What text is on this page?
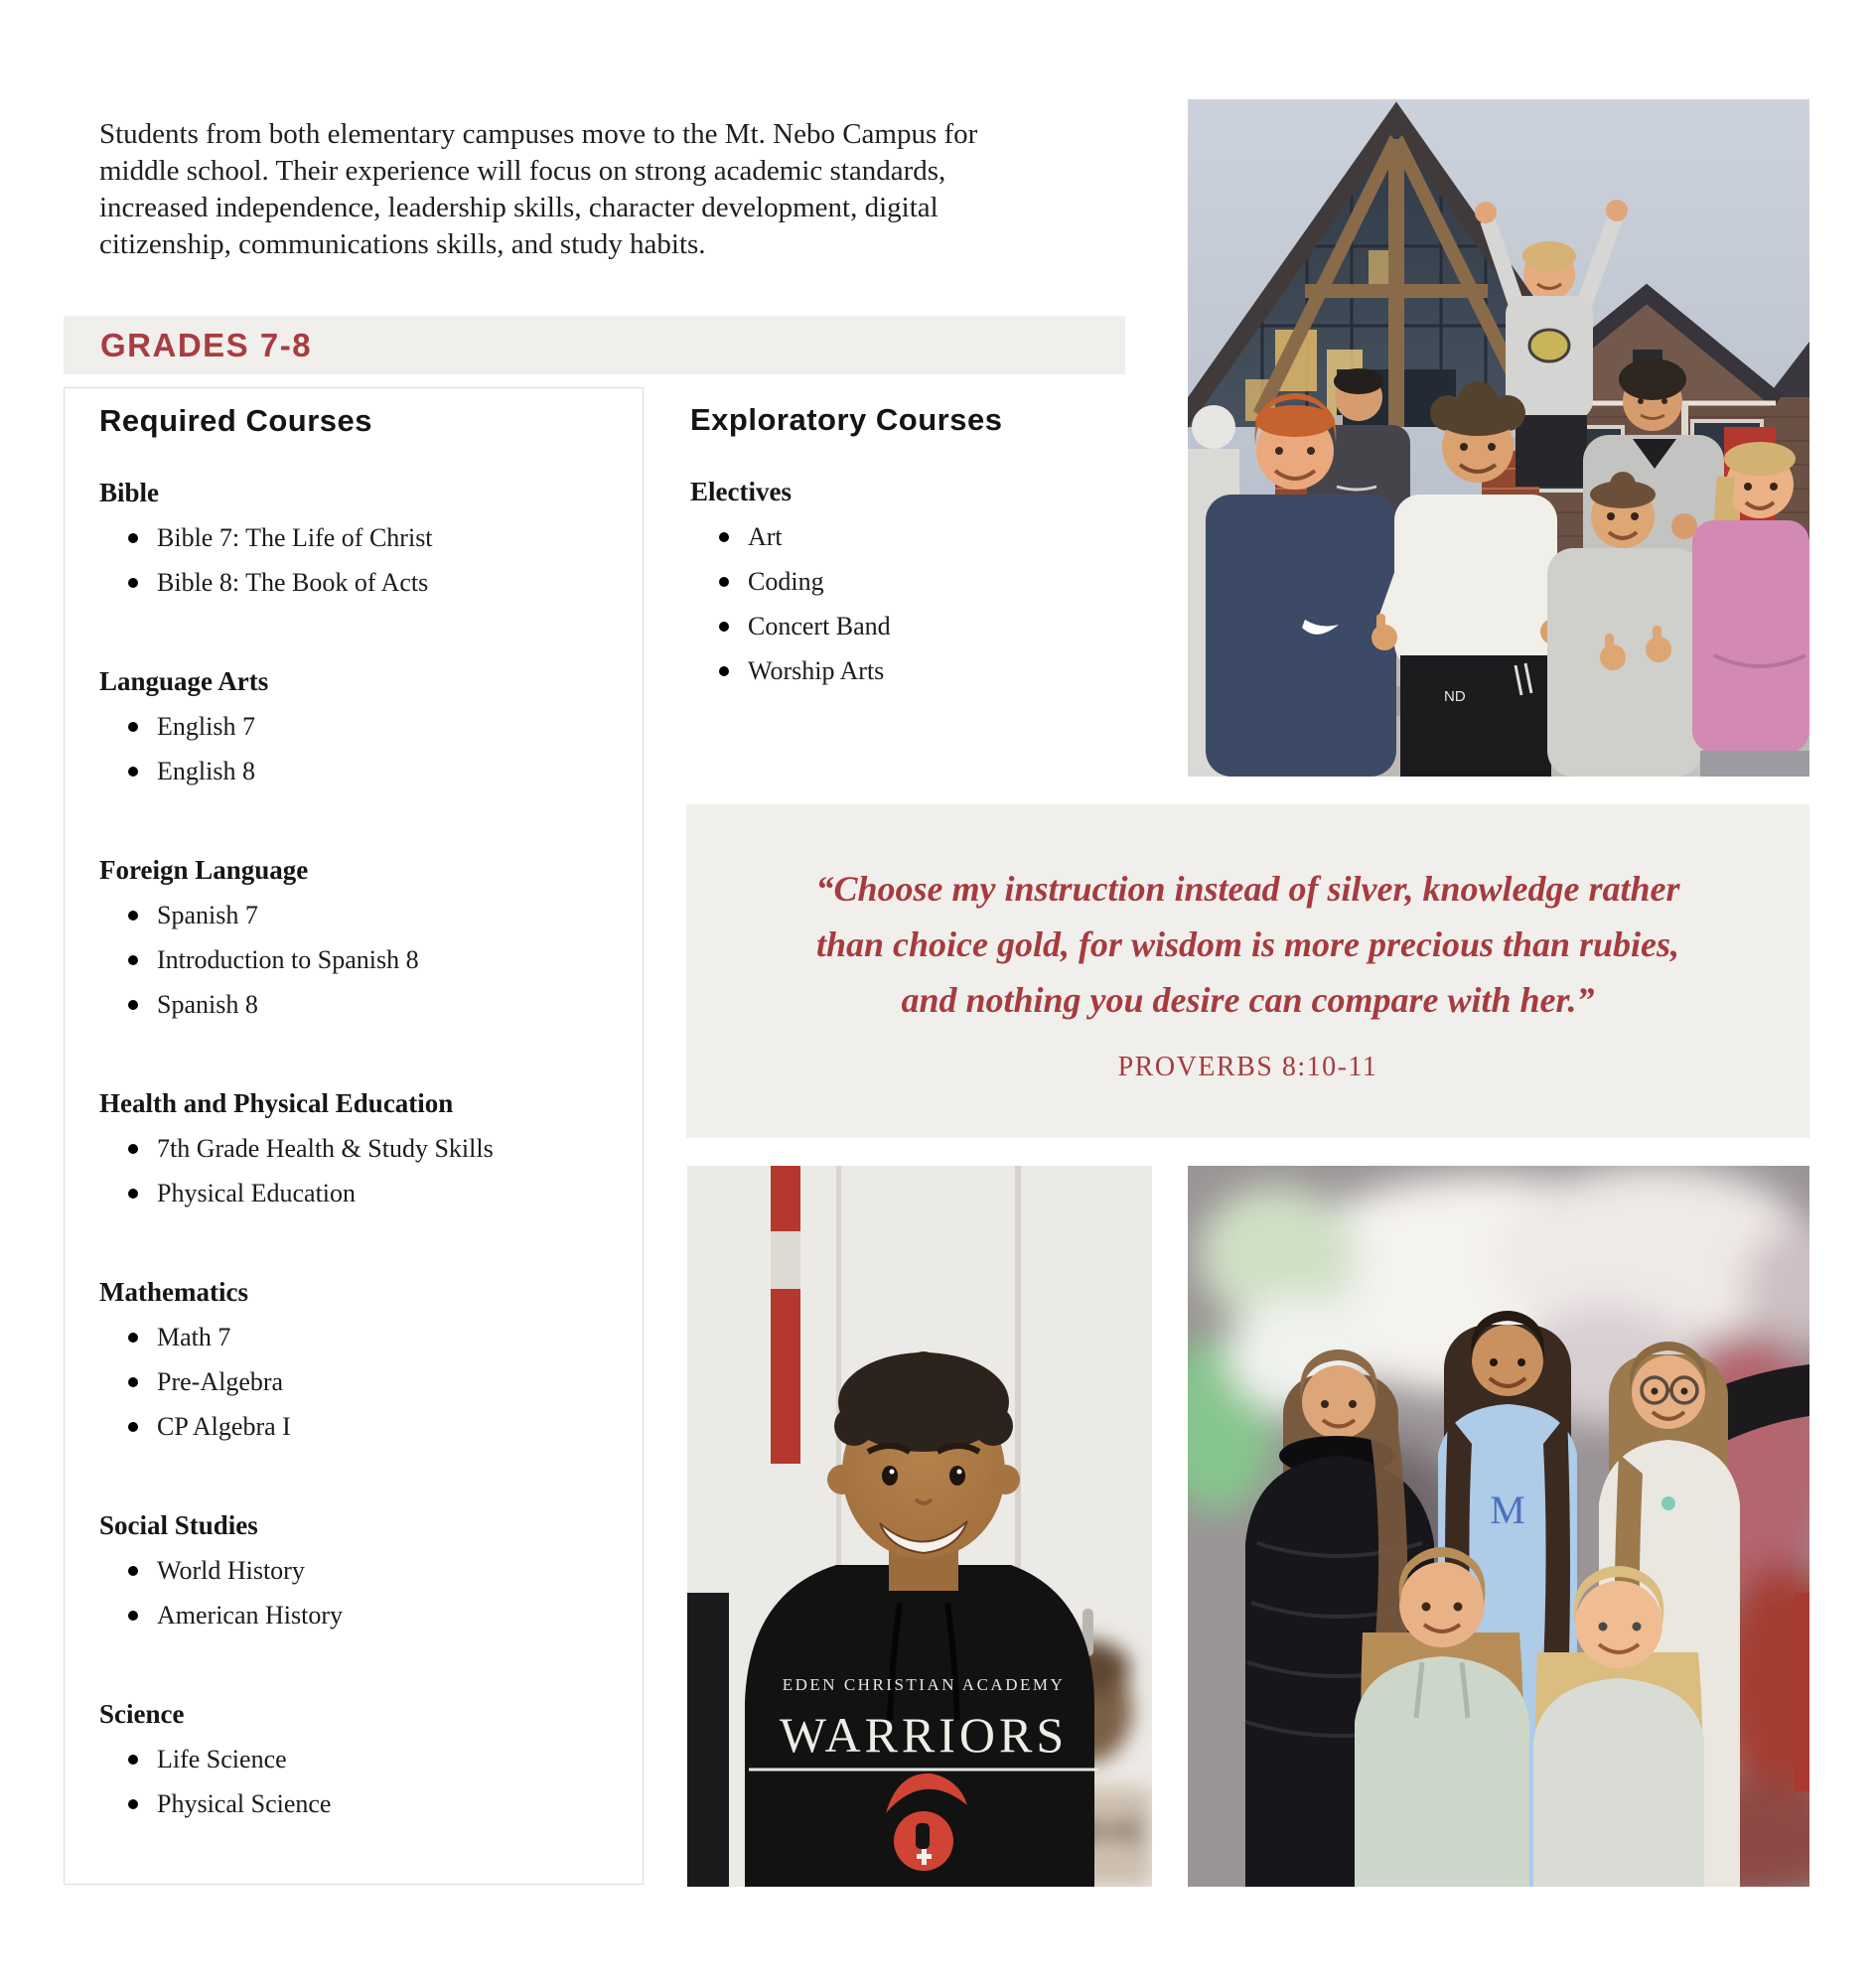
Students from both elementary campuses move to the Mt. Nebo Campus for
middle school. Their experience will focus on strong academic standards,
increased independence, leadership skills, character development, digital
citizenship, communications skills, and study habits.

GRADES 7-8
Required Courses
Bible
Bible 7: The Life of Christ
Bible 8: The Book of Acts
Language Arts
English 7
English 8
Foreign Language
Spanish 7
Introduction to Spanish 8
Spanish 8
Health and Physical Education
7th Grade Health & Study Skills
Physical Education
Mathematics
Math 7
Pre-Algebra
CP Algebra I
Social Studies
World History
American History
Science
Life Science
Physical Science
Exploratory Courses
Electives
Art
Coding
Concert Band
Worship Arts
ND

“Choose my instruction instead of silver, knowledge rather
than choice gold, for wisdom is more precious than rubies,
and nothing you desire can compare with her.”

PROVERBS 8:10-11
EDEN CHRISTIAN ACADEMY
WARRIORS
M
